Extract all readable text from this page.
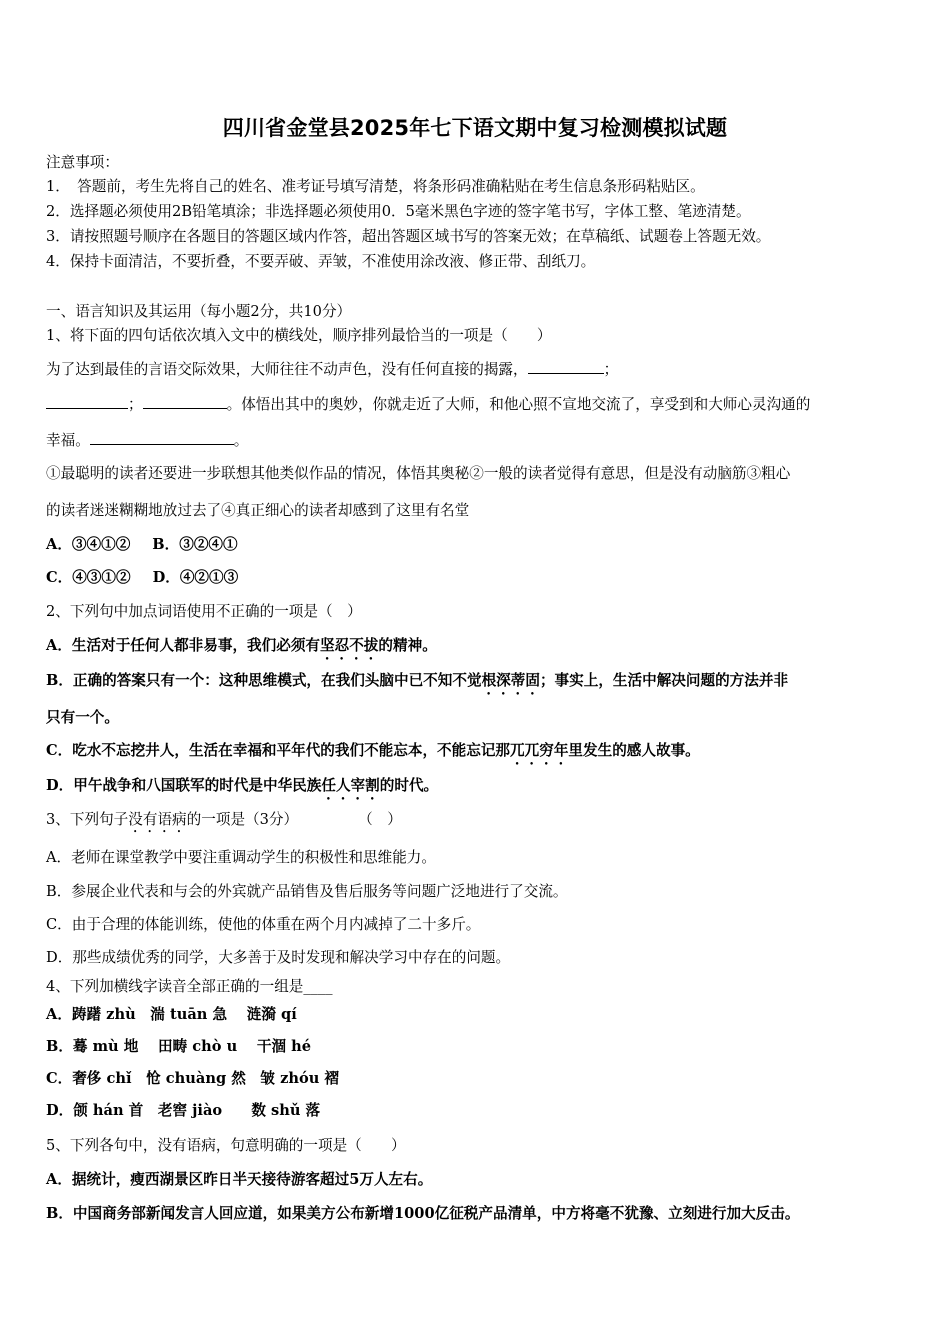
四川省金堂县2025年七下语文期中复习检测模拟试题
注意事项：
1．　答题前，考生先将自己的姓名、准考证号填写清楚，将条形码准确粘贴在考生信息条形码粘贴区。
2．选择题必须使用2B铅笔填涂；非选择题必须使用0．5毫米黑色字迹的签字笔书写，字体工整、笔迹清楚。
3．请按照题号顺序在各题目的答题区域内作答，超出答题区域书写的答案无效；在草稿纸、试题卷上答题无效。
4．保持卡面清洁，不要折叠，不要弄破、弄皱，不准使用涂改液、修正带、刮纸刀。
一、语言知识及其运用（每小题2分，共10分）
1、将下面的四句话依次填入文中的横线处，顺序排列最恰当的一项是（　　）
为了达到最佳的言语交际效果，大师往往不动声色，没有任何直接的揭露，	；
；	。体悟出其中的奥妙，你就走近了大师，和他心照不宣地交流了，享受到和大师心灵沟通的
幸福。	。
①最聪明的读者还要进一步联想其他类似作品的情况，体悟其奥秘②一般的读者觉得有意思，但是没有动脑筋③粗心
的读者迷迷糊糊地放过去了④真正细心的读者却感到了这里有名堂
A．③④①② B．③②④①
C．④③①② D．④②①③
2、下列句中加点词语使用不正确的一项是（　）
A．生活对于任何人都非易事，我们必须有坚忍不拔的精神。
B．正确的答案只有一个：这种思维模式，在我们头脑中已不知不觉根深蒂固；事实上，生活中解决问题的方法并非
只有一个。
C．吃水不忘挖井人，生活在幸福和平年代的我们不能忘本，不能忘记那兀兀穷年里发生的感人故事。
D．甲午战争和八国联军的时代是中华民族任人宰割的时代。
3、下列句子没有语病的一项是（3分）	（　）
A．老师在课堂教学中要注重调动学生的积极性和思维能力。
B．参展企业代表和与会的外宾就产品销售及售后服务等问题广泛地进行了交流。
C．由于合理的体能训练，使他的体重在两个月内减掉了二十多斤。
D．那些成绩优秀的同学，大多善于及时发现和解决学习中存在的问题。
4、下列加横线字读音全部正确的一组是____
A．踌躇 zhù　湍 tuān 急　 涟漪 qí
B．蓦 mù 地　 田畴 chò u　 干涸 hé
C．奢侈 chǐ　怆 chuàng 然　皱 zhóu 褶
D．颌 hán 首　老窖 jiào　　数 shǔ 落
5、下列各句中，没有语病，句意明确的一项是（　　）
A．据统计，瘦西湖景区昨日半天接待游客超过5万人左右。
B．中国商务部新闻发言人回应道，如果美方公布新增1000亿征税产品清单，中方将毫不犹豫、立刻进行加大反击。
